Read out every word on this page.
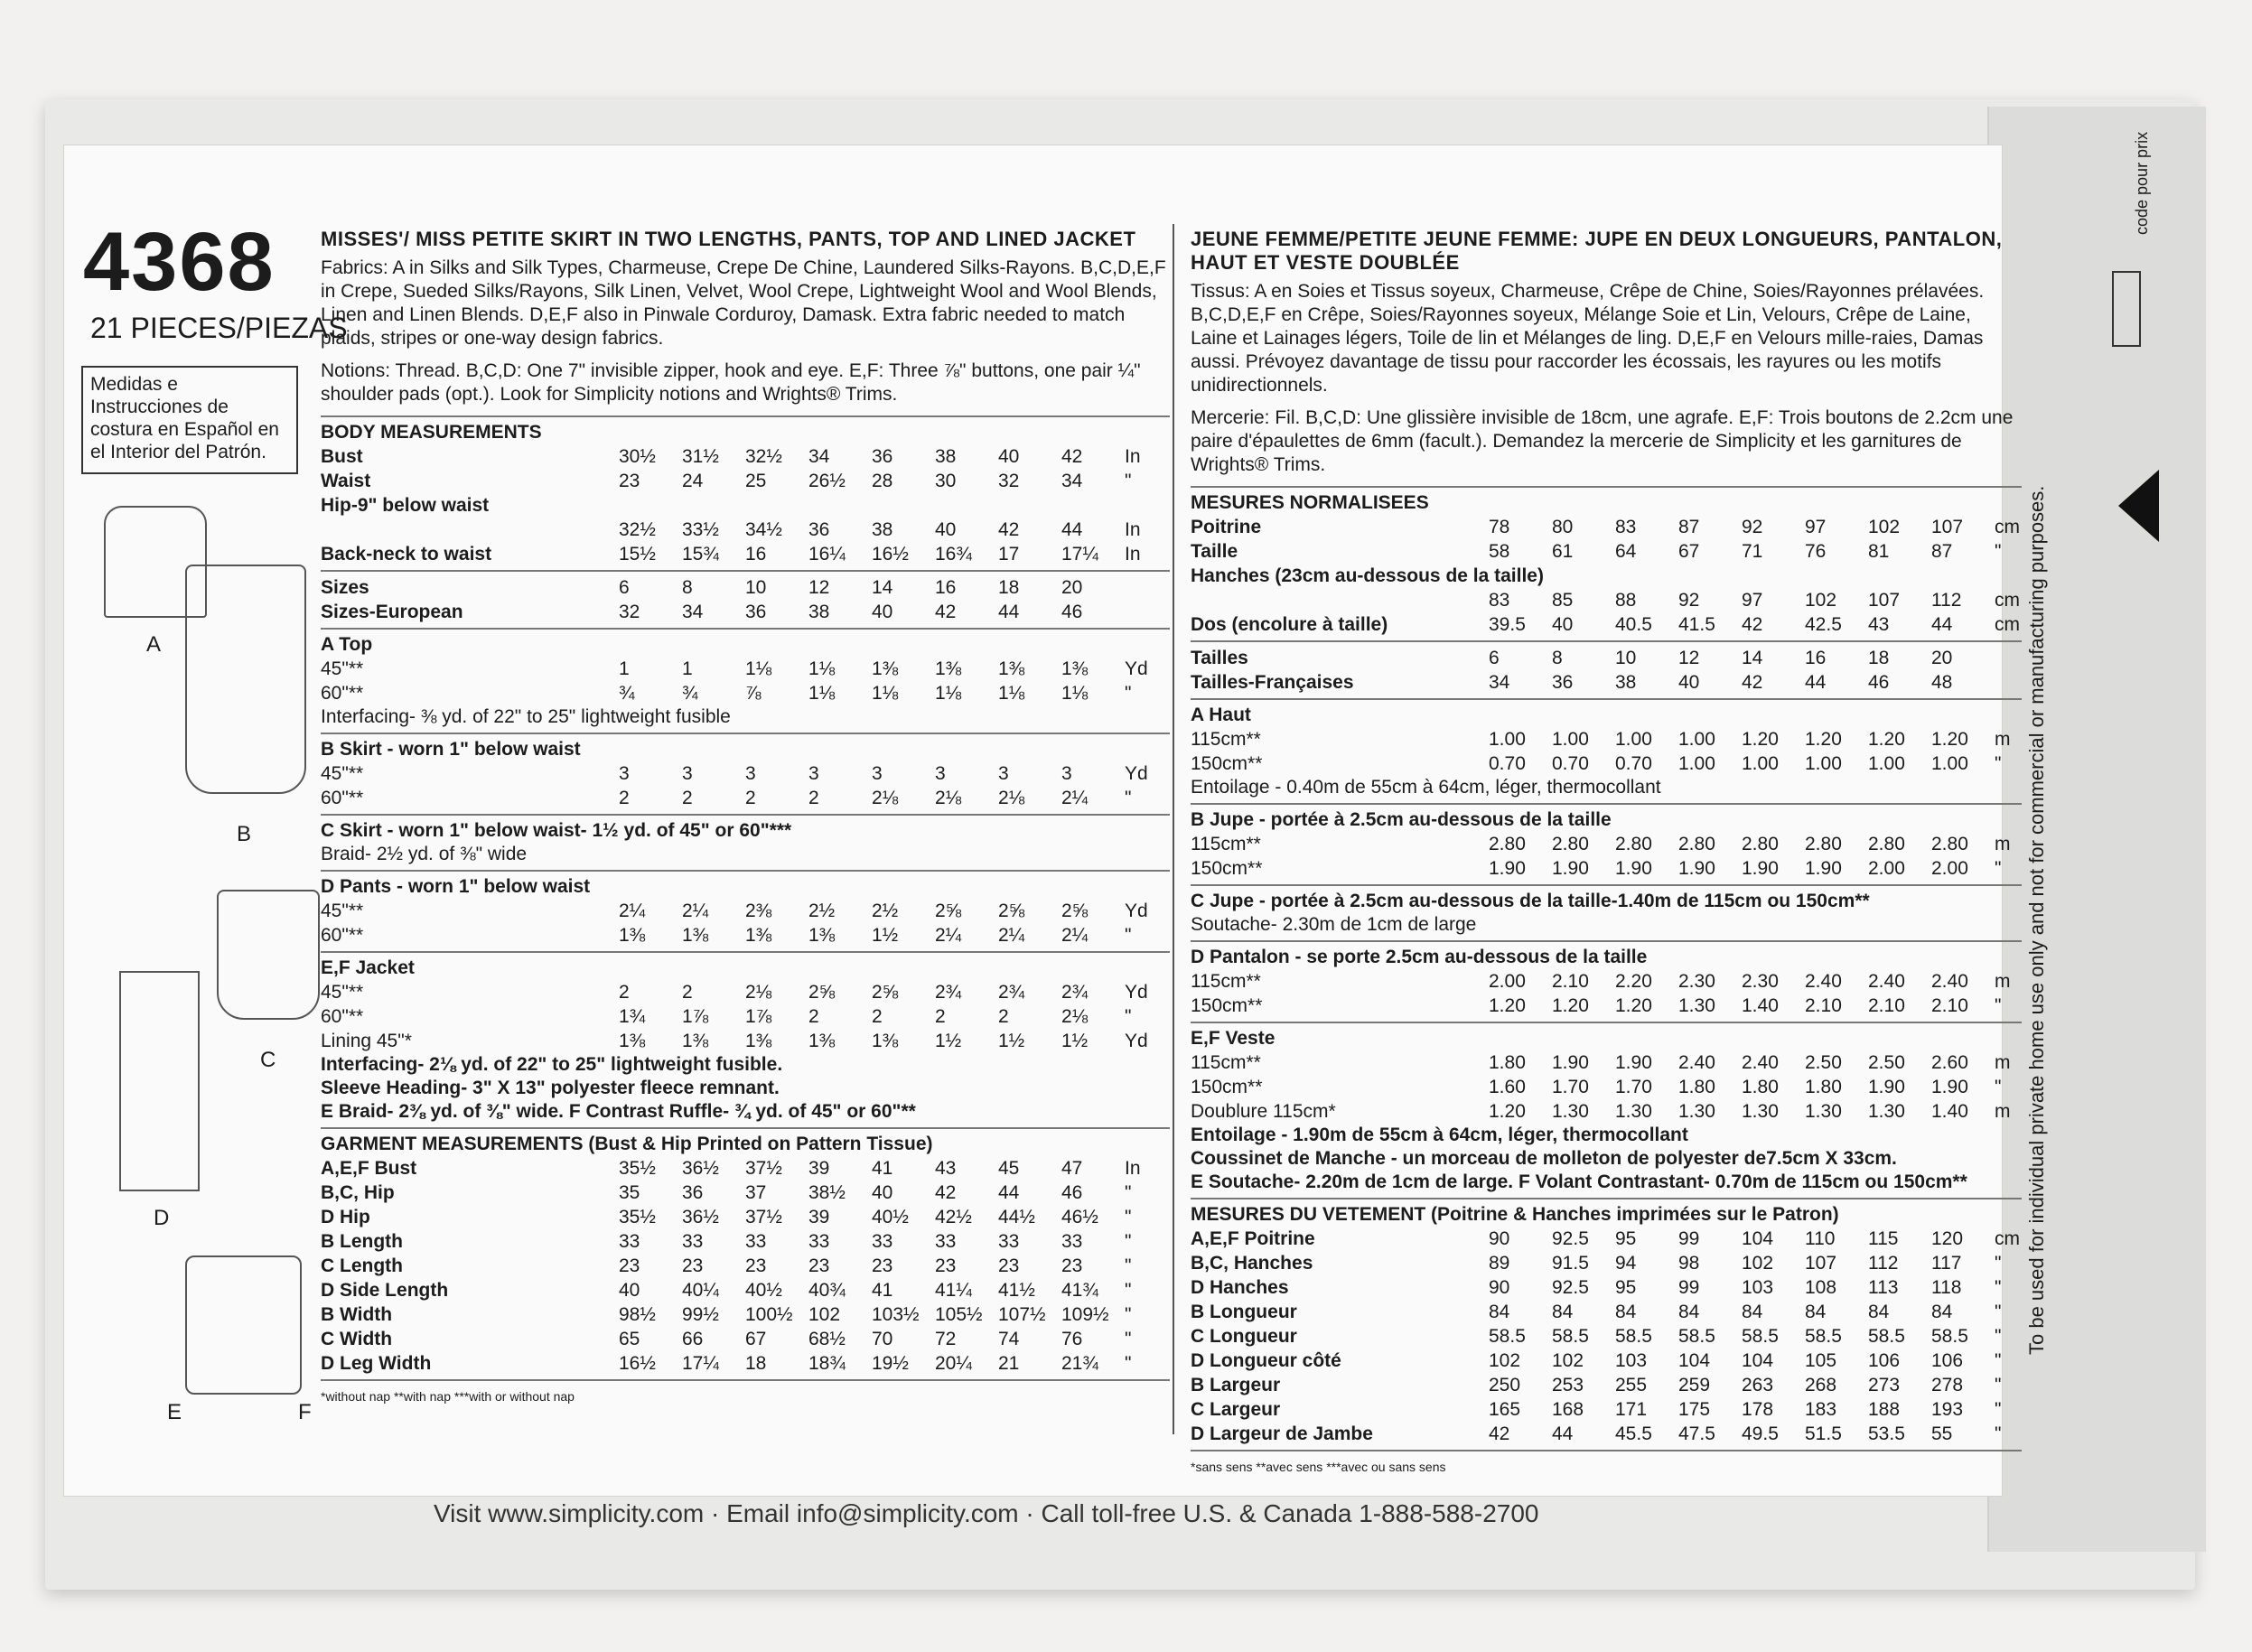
4368
21 PIECES/PIEZAS
Medidas e Instrucciones de costura en Español en el Interior del Patrón.
A
B
C
D
E	F
MISSES'/ MISS PETITE SKIRT IN TWO LENGTHS, PANTS, TOP AND LINED JACKET
Fabrics: A in Silks and Silk Types, Charmeuse, Crepe De Chine, Laundered Silks-Rayons. B,C,D,E,F in Crepe, Sueded Silks/Rayons, Silk Linen, Velvet, Wool Crepe, Lightweight Wool and Wool Blends, Linen and Linen Blends. D,E,F also in Pinwale Corduroy, Damask. Extra fabric needed to match plaids, stripes or one-way design fabrics.
Notions: Thread. B,C,D: One 7" invisible zipper, hook and eye. E,F: Three ⅞" buttons, one pair ¼" shoulder pads (opt.). Look for Simplicity notions and Wrights® Trims.
BODY MEASUREMENTS
Bust	30½	31½	32½	34	36	38	40	42	In
Waist	23	24	25	26½	28	30	32	34	"
Hip-9" below waist
32½	33½	34½	36	38	40	42	44	In
Back-neck to waist	15½	15¾	16	16¼	16½	16¾	17	17¼	In
Sizes	6	8	10	12	14	16	18	20
Sizes-European	32	34	36	38	40	42	44	46
A Top
45"**	1	1	1⅛	1⅛	1⅜	1⅜	1⅜	1⅜	Yd
60"**	¾	¾	⅞	1⅛	1⅛	1⅛	1⅛	1⅛	"
Interfacing- ⅜ yd. of 22" to 25" lightweight fusible
B Skirt - worn 1" below waist
45"**	3	3	3	3	3	3	3	3	Yd
60"**	2	2	2	2	2⅛	2⅛	2⅛	2¼	"
C Skirt - worn 1" below waist- 1½ yd. of 45" or 60"***
Braid- 2½ yd. of ⅜" wide
D Pants - worn 1" below waist
45"**	2¼	2¼	2⅜	2½	2½	2⅝	2⅝	2⅝	Yd
60"**	1⅜	1⅜	1⅜	1⅜	1½	2¼	2¼	2¼	"
E,F Jacket
45"**	2	2	2⅛	2⅝	2⅝	2¾	2¾	2¾	Yd
60"**	1¾	1⅞	1⅞	2	2	2	2	2⅛	"
Lining 45"*	1⅜	1⅜	1⅜	1⅜	1⅜	1½	1½	1½	Yd
Interfacing- 2⅛ yd. of 22" to 25" lightweight fusible.
Sleeve Heading- 3" X 13" polyester fleece remnant.
E Braid- 2⅜ yd. of ⅜" wide. F Contrast Ruffle- ¾ yd. of 45" or 60"**
GARMENT MEASUREMENTS (Bust & Hip Printed on Pattern Tissue)
A,E,F Bust	35½	36½	37½	39	41	43	45	47	In
B,C, Hip	35	36	37	38½	40	42	44	46	"
D Hip	35½	36½	37½	39	40½	42½	44½	46½	"
B Length	33	33	33	33	33	33	33	33	"
C Length	23	23	23	23	23	23	23	23	"
D Side Length	40	40¼	40½	40¾	41	41¼	41½	41¾	"
B Width	98½	99½	100½ 102	103½ 105½ 107½ 109½ "
C Width	65	66	67	68½	70	72	74	76	"
D Leg Width	16½	17¼	18	18¾	19½	20¼	21	21¾	"
*without nap **with nap ***with or without nap
JEUNE FEMME/PETITE JEUNE FEMME: JUPE EN DEUX LONGUEURS, PANTALON, HAUT ET VESTE DOUBLÉE
Tissus: A en Soies et Tissus soyeux, Charmeuse, Crêpe de Chine, Soies/Rayonnes prélavées. B,C,D,E,F en Crêpe, Soies/Rayonnes soyeux, Mélange Soie et Lin, Velours, Crêpe de Laine, Laine et Lainages légers, Toile de lin et Mélanges de ling. D,E,F en Velours mille-raies, Damas aussi. Prévoyez davantage de tissu pour raccorder les écossais, les rayures ou les motifs unidirectionnels.
Mercerie: Fil. B,C,D: Une glissière invisible de 18cm, une agrafe. E,F: Trois boutons de 2.2cm une paire d'épaulettes de 6mm (facult.). Demandez la mercerie de Simplicity et les garnitures de Wrights® Trims.
MESURES NORMALISEES
Poitrine	78	80	83	87	92	97	102	107	cm
Taille	58	61	64	67	71	76	81	87	"
Hanches (23cm au-dessous de la taille)
83	85	88	92	97	102	107	112	cm
Dos (encolure à taille)	39.5	40	40.5	41.5	42	42.5	43	44	cm
Tailles	6	8	10	12	14	16	18	20
Tailles-Françaises	34	36	38	40	42	44	46	48
A Haut
115cm**	1.00	1.00	1.00	1.00	1.20	1.20	1.20	1.20	m
150cm**	0.70	0.70	0.70	1.00	1.00	1.00	1.00	1.00	"
Entoilage - 0.40m de 55cm à 64cm, léger, thermocollant
B Jupe - portée à 2.5cm au-dessous de la taille
115cm**	2.80	2.80	2.80	2.80	2.80	2.80	2.80	2.80	m
150cm**	1.90	1.90	1.90	1.90	1.90	1.90	2.00	2.00	"
C Jupe - portée à 2.5cm au-dessous de la taille-1.40m de 115cm ou 150cm**
Soutache- 2.30m de 1cm de large
D Pantalon - se porte 2.5cm au-dessous de la taille
115cm**	2.00	2.10	2.20	2.30	2.30	2.40	2.40	2.40	m
150cm**	1.20	1.20	1.20	1.30	1.40	2.10	2.10	2.10	"
E,F Veste
115cm**	1.80	1.90	1.90	2.40	2.40	2.50	2.50	2.60	m
150cm**	1.60	1.70	1.70	1.80	1.80	1.80	1.90	1.90	"
Doublure 115cm*	1.20	1.30	1.30	1.30	1.30	1.30	1.30	1.40	m
Entoilage - 1.90m de 55cm à 64cm, léger, thermocollant
Coussinet de Manche - un morceau de molleton de polyester de7.5cm X 33cm.
E Soutache- 2.20m de 1cm de large. F Volant Contrastant- 0.70m de 115cm ou 150cm**
MESURES DU VETEMENT (Poitrine & Hanches imprimées sur le Patron)
A,E,F Poitrine	90	92.5	95	99	104	110	115	120	cm
B,C, Hanches	89	91.5	94	98	102	107	112	117	"
D Hanches	90	92.5	95	99	103	108	113	118	"
B Longueur	84	84	84	84	84	84	84	84	"
C Longueur	58.5	58.5	58.5	58.5	58.5	58.5	58.5	58.5	"
D Longueur côté	102	102	103	104	104	105	106	106	"
B Largeur	250	253	255	259	263	268	273	278	"
C Largeur	165	168	171	175	178	183	188	193	"
D Largeur de Jambe	42	44	45.5	47.5	49.5	51.5	53.5	55	"
*sans sens **avec sens ***avec ou sans sens
Visit www.simplicity.com · Email info@simplicity.com · Call toll-free U.S. & Canada 1-888-588-2700
To be used for individual private home use only and not for commercial or manufacturing purposes.
code pour prix
